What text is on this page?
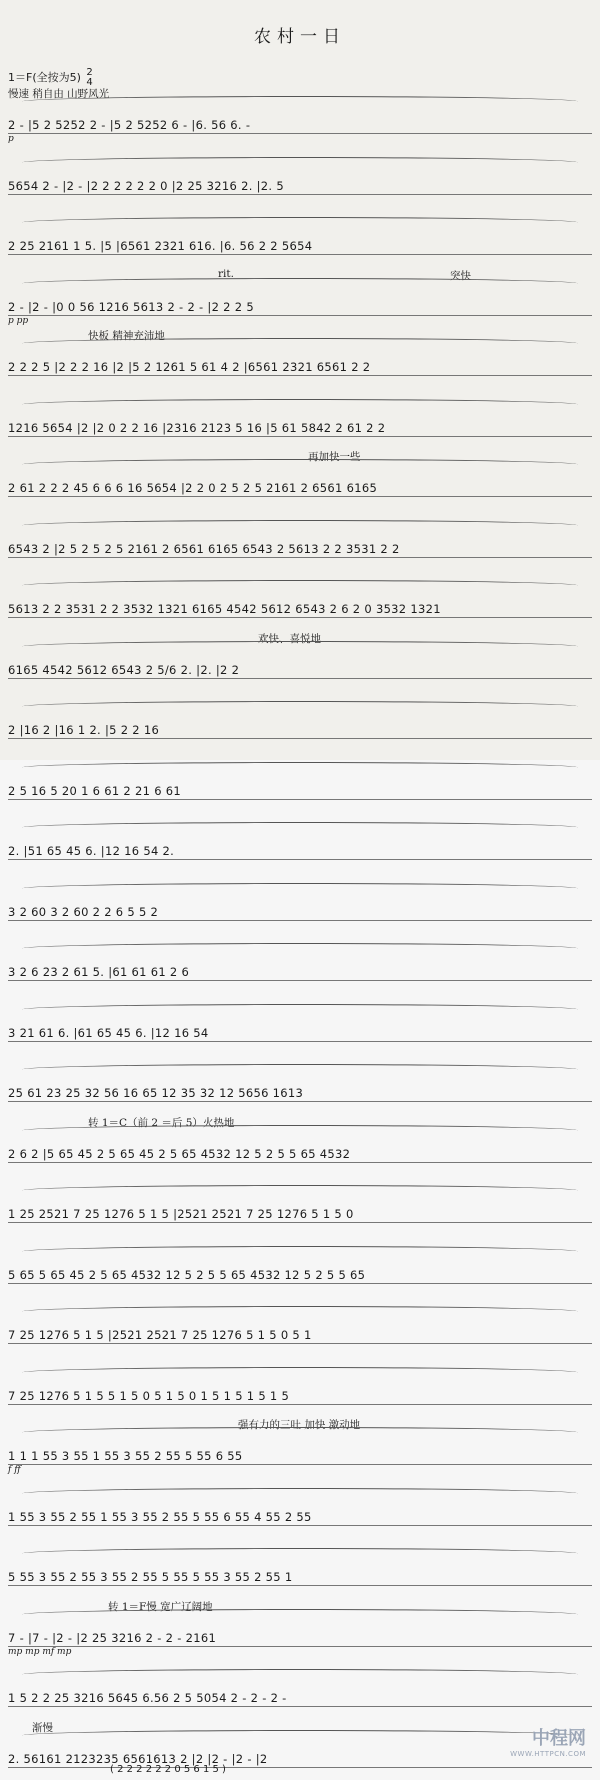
农村一日
1＝F(全按为5) 2
4
慢速 稍自由 山野风光
2 - |5 2 5252 2 - |5 2 5252 6 - |6. 56 6. -
p
5654 2 - |2 - |2 2 2 2 2 2 0 |2 25 3216 2. |2. 5
2 25 2161 1 5. |5 |6561 2321 616. |6. 56 2 2 5654
rit.	突快
2 - |2 - |0 0 56 1216 5613 2 - 2 - |2 2 2 5
p pp
快板 精神充沛地
2 2 2 5 |2 2 2 16 |2 |5 2 1261 5 61 4 2 |6561 2321 6561 2 2
1216 5654 |2 |2 0 2 2 16 |2316 2123 5 16 |5 61 5842 2 61 2 2
再加快一些
2 61 2 2 2 45 6 6 6 16 5654 |2 2 0 2 5 2 5 2161 2 6561 6165
6543 2 |2 5 2 5 2 5 2161 2 6561 6165 6543 2 5613 2 2 3531 2 2
5613 2 2 3531 2 2 3532 1321 6165 4542 5612 6543 2 6 2 0 3532 1321
欢快、喜悦地
6165 4542 5612 6543 2 5/6 2. |2. |2 2
2 |16 2 |16 1 2. |5 2 2 16
2 5 16 5 20 1 6 61 2 21 6 61
2. |51 65 45 6. |12 16 54 2.
3 2 60 3 2 60 2 2 6 5 5 2
3 2 6 23 2 61 5. |61 61 61 2 6
3 21 61 6. |61 65 45 6. |12 16 54
25 61 23 25 32 56 16 65 12 35 32 12 5656 1613
转 1＝C（前 2 ＝后 5）火热地
2 6 2 |5 65 45 2 5 65 45 2 5 65 4532 12 5 2 5 5 65 4532
1 25 2521 7 25 1276 5 1 5 |2521 2521 7 25 1276 5 1 5 0
5 65 5 65 45 2 5 65 4532 12 5 2 5 5 65 4532 12 5 2 5 5 65
7 25 1276 5 1 5 |2521 2521 7 25 1276 5 1 5 0 5 1
7 25 1276 5 1 5 5 1 5 0 5 1 5 0 1 5 1 5 1 5 1 5
强有力的三吐 加快 激动地
1 1 1 55 3 55 1 55 3 55 2 55 5 55 6 55
f ff
1 55 3 55 2 55 1 55 3 55 2 55 5 55 6 55 4 55 2 55
5 55 3 55 2 55 3 55 2 55 5 55 5 55 3 55 2 55 1
转 1＝F慢 宽广辽阔地
7 - |7 - |2 - |2 25 3216 2 - 2 - 2161
mp mp mf mp
1 5 2 2 25 3216 5645 6.56 2 5 5054 2 - 2 - 2 -
渐慢
2. 56161 2123235 6561613 2 |2 |2 - |2 - |2
( 2 2 2 2 2 2 0 5 6 1 5 )
中程网
WWW.HTTPCN.COM
